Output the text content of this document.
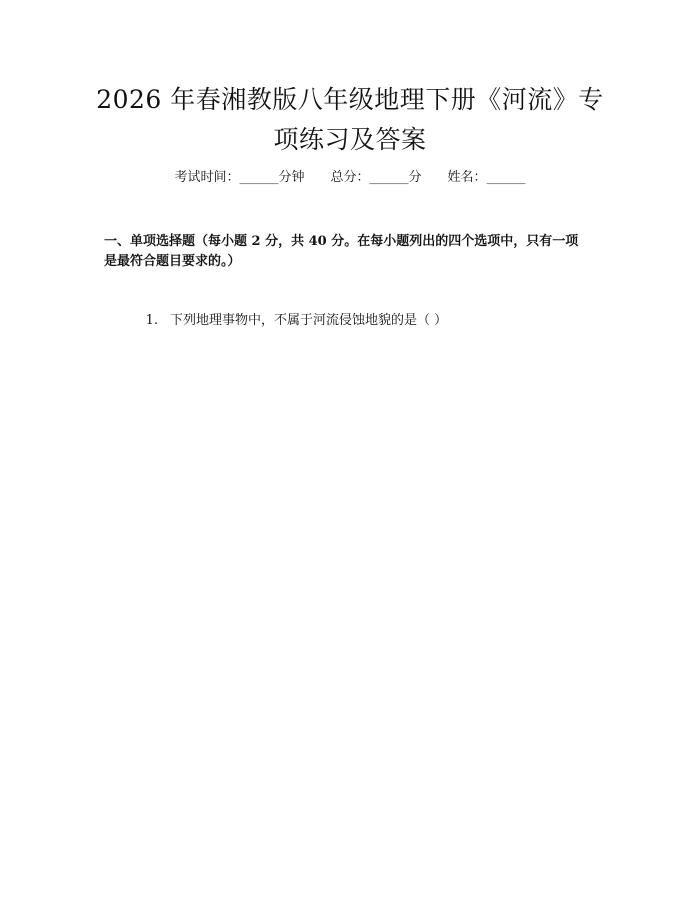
2026 年春湘教版八年级地理下册《河流》专
项练习及答案
考试时间：______分钟 总分：______分 姓名：______
一、单项选择题（每小题 2 分，共 40 分。在每小题列出的四个选项中，只有一项
是最符合题目要求的。）
1. 下列地理事物中，不属于河流侵蚀地貌的是（ ）
